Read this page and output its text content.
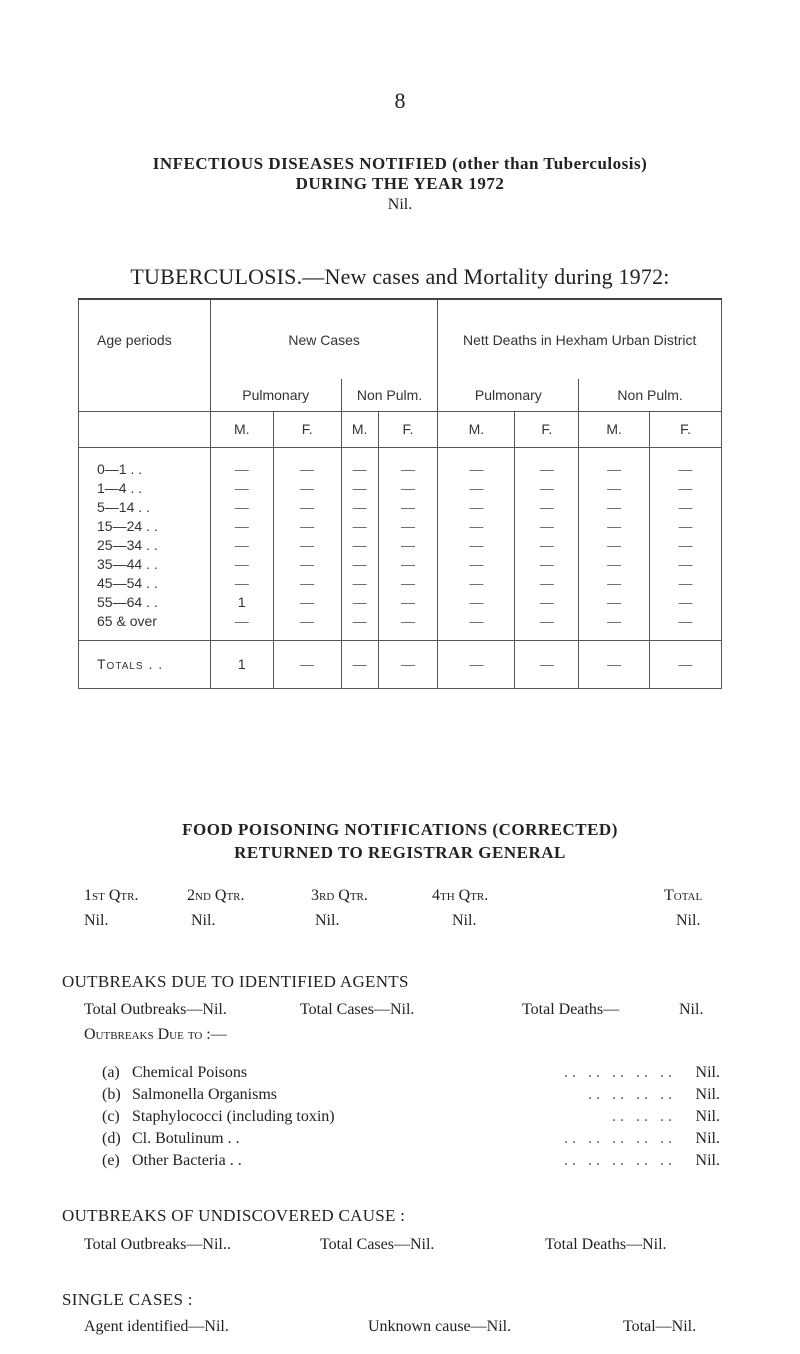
8
INFECTIOUS DISEASES NOTIFIED (other than Tuberculosis)
DURING THE YEAR 1972
Nil.
TUBERCULOSIS.—New cases and Mortality during 1972:
Age periods	New Cases				Nett Deaths in Hexham Urban District			
	Pulmonary		Non Pulm.		Pulmonary		Non Pulm.	
	M.	F.	M.	F.	M.	F.	M.	F.

0—1 . .	—	—	—	—	—	—	—	—
1—4 . .	—	—	—	—	—	—	—	—
5—14 . .	—	—	—	—	—	—	—	—
15—24 . .	—	—	—	—	—	—	—	—
25—34 . .	—	—	—	—	—	—	—	—
35—44 . .	—	—	—	—	—	—	—	—
45—54 . .	—	—	—	—	—	—	—	—
55—64 . .	1	—	—	—	—	—	—	—
65 & over	—	—	—	—	—	—	—	—

Totals . .	1	—	—	—	—	—	—	—
FOOD POISONING NOTIFICATIONS (CORRECTED)
RETURNED TO REGISTRAR GENERAL
1st Qtr.	2nd Qtr.	3rd Qtr.	4th Qtr.	Total
Nil.	Nil.	Nil.	Nil.	Nil.
OUTBREAKS DUE TO IDENTIFIED AGENTS
Total Outbreaks—Nil.	Total Cases—Nil.	Total Deaths—	Nil.
Outbreaks Due to :—
(a) Chemical Poisons	. .   . .   . .   . .   . . Nil.
(b) Salmonella Organisms	. .   . .   . .   . . Nil.
(c) Staphylococci (including toxin)	. .   . .   . . Nil.
(d) Cl. Botulinum . .	. .   . .   . .   . .   . . Nil.
(e) Other Bacteria . .	. .   . .   . .   . .   . . Nil.
OUTBREAKS OF UNDISCOVERED CAUSE :
Total Outbreaks—Nil..	Total Cases—Nil.	Total Deaths—Nil.
SINGLE CASES :
Agent identified—Nil.	Unknown cause—Nil.	Total—Nil.
